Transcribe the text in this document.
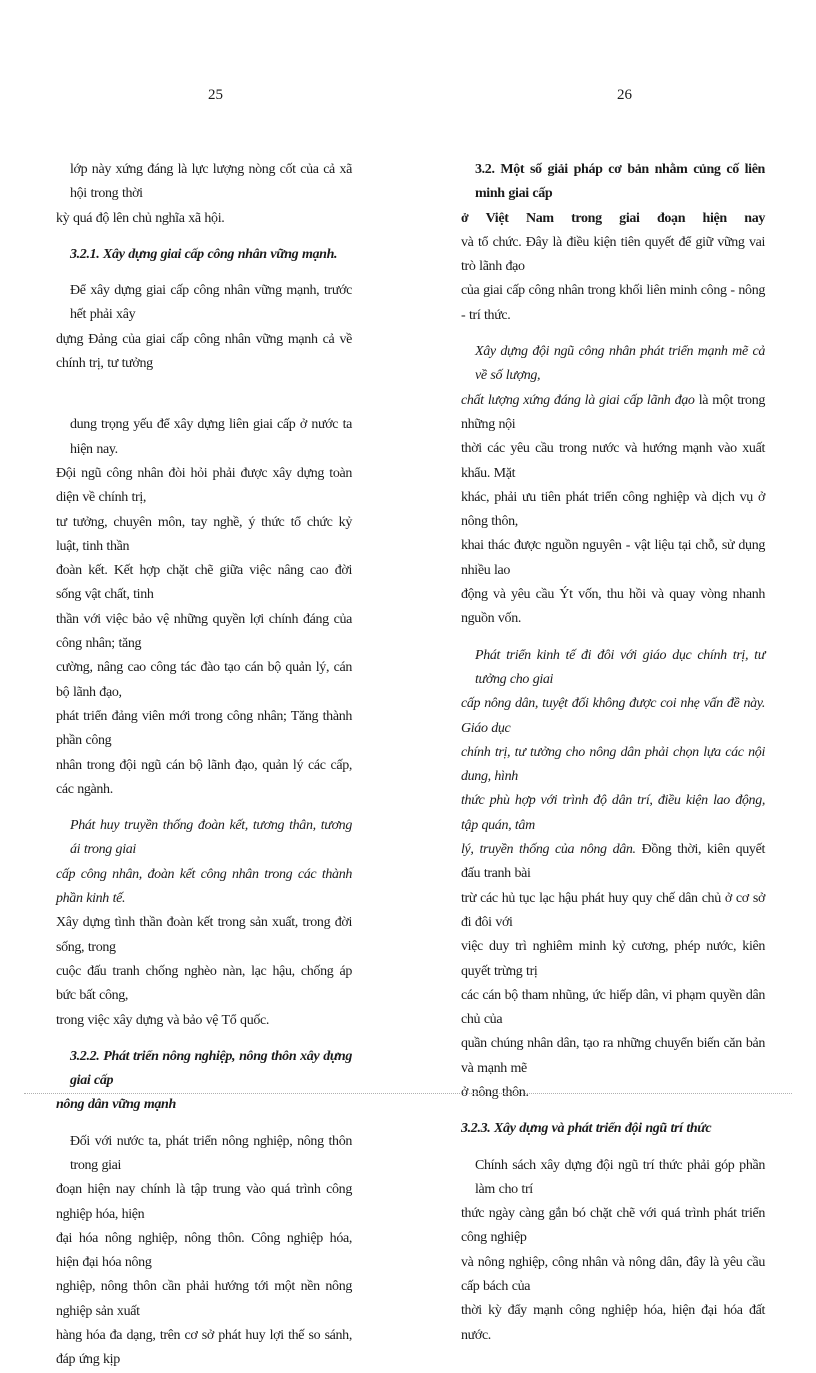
25	26

lớp này xứng đáng là lực lượng nòng cốt của cả xã hội trong thời

kỳ quá độ lên chủ nghĩa xã hội.

3.2.1. Xây dựng giai cấp công nhân vững mạnh.

Để xây dựng giai cấp công nhân vững mạnh, trước hết phải xây

dựng Đảng của giai cấp công nhân vững mạnh cả về chính trị, tư tưởng

dung trọng yếu để xây dựng liên giai cấp ở nước ta hiện nay.

Đội ngũ công nhân đòi hỏi phải được xây dựng toàn diện về chính trị,

tư tưởng, chuyên môn, tay nghề, ý thức tổ chức kỷ luật, tinh thần

đoàn kết. Kết hợp chặt chẽ giữa việc nâng cao đời sống vật chất, tinh

thần với việc bảo vệ những quyền lợi chính đáng của công nhân; tăng

cường, nâng cao công tác đào tạo cán bộ quản lý, cán bộ lãnh đạo,

phát triển đảng viên mới trong công nhân; Tăng thành phần công

nhân trong đội ngũ cán bộ lãnh đạo, quản lý các cấp, các ngành.

Phát huy truyền thống đoàn kết, tương thân, tương ái trong giai

cấp công nhân, đoàn kết công nhân trong các thành phần kinh tế.

Xây dựng tình thần đoàn kết trong sản xuất, trong đời sống, trong

cuộc đấu tranh chống nghèo nàn, lạc hậu, chống áp bức bất công,

trong việc xây dựng và bảo vệ Tổ quốc.

3.2.2. Phát triển nông nghiệp, nông thôn xây dựng giai cấp

nông dân vững mạnh

Đối với nước ta, phát triển nông nghiệp, nông thôn trong giai

đoạn hiện nay chính là tập trung vào quá trình công nghiệp hóa, hiện

đại hóa nông nghiệp, nông thôn. Công nghiệp hóa, hiện đại hóa nông

nghiệp, nông thôn cần phải hướng tới một nền nông nghiệp sản xuất

hàng hóa đa dạng, trên cơ sở phát huy lợi thế so sánh, đáp ứng kịp

3.2. Một số giải pháp cơ bản nhằm củng cố liên minh giai cấp

ở Việt Nam trong giai đoạn hiện nay

và tổ chức. Đây là điều kiện tiên quyết để giữ vững vai trò lãnh đạo

của giai cấp công nhân trong khối liên minh công - nông - trí thức.

Xây dựng đội ngũ công nhân phát triển mạnh mẽ cả về số lượng,

chất lượng xứng đáng là giai cấp lãnh đạo là một trong những nội

thời các yêu cầu trong nước và hướng mạnh vào xuất khẩu. Mặt

khác, phải ưu tiên phát triển công nghiệp và dịch vụ ở nông thôn,

khai thác được nguồn nguyên - vật liệu tại chỗ, sử dụng nhiều lao

động và yêu cầu Ýt vốn, thu hồi và quay vòng nhanh nguồn vốn.

Phát triển kinh tế đi đôi với giáo dục chính trị, tư tưởng cho giai

cấp nông dân, tuyệt đối không được coi nhẹ vấn đề này. Giáo dục

chính trị, tư tưởng cho nông dân phải chọn lựa các nội dung, hình

thức phù hợp với trình độ dân trí, điều kiện lao động, tập quán, tâm

lý, truyền thống của nông dân. Đồng thời, kiên quyết đấu tranh bài

trừ các hủ tục lạc hậu phát huy quy chế dân chủ ở cơ sở đi đôi với

việc duy trì nghiêm minh kỷ cương, phép nước, kiên quyết trừng trị

các cán bộ tham nhũng, ức hiếp dân, vi phạm quyền dân chủ của

quần chúng nhân dân, tạo ra những chuyển biến căn bản và mạnh mẽ

ở nông thôn.

3.2.3. Xây dựng và phát triển đội ngũ trí thức

Chính sách xây dựng đội ngũ trí thức phải góp phần làm cho trí

thức ngày càng gắn bó chặt chẽ với quá trình phát triển công nghiệp

và nông nghiệp, công nhân và nông dân, đây là yêu cầu cấp bách của

thời kỳ đẩy mạnh công nghiệp hóa, hiện đại hóa đất nước.
